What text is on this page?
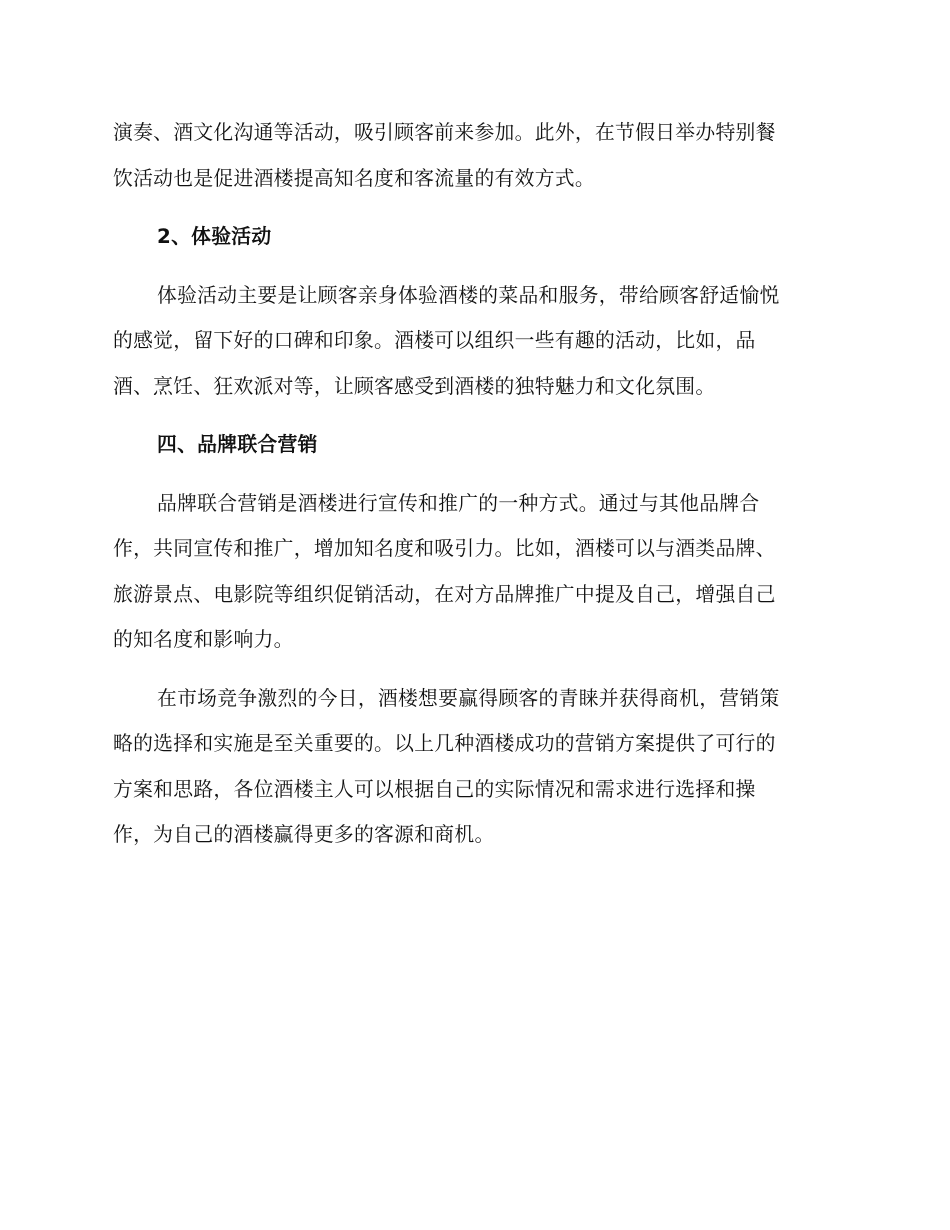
演奏、酒文化沟通等活动，吸引顾客前来参加。此外，在节假日举办特别餐
饮活动也是促进酒楼提高知名度和客流量的有效方式。
2、体验活动
体验活动主要是让顾客亲身体验酒楼的菜品和服务，带给顾客舒适愉悦
的感觉，留下好的口碑和印象。酒楼可以组织一些有趣的活动，比如，品
酒、烹饪、狂欢派对等，让顾客感受到酒楼的独特魅力和文化氛围。
四、品牌联合营销
品牌联合营销是酒楼进行宣传和推广的一种方式。通过与其他品牌合
作，共同宣传和推广，增加知名度和吸引力。比如，酒楼可以与酒类品牌、
旅游景点、电影院等组织促销活动，在对方品牌推广中提及自己，增强自己
的知名度和影响力。
在市场竞争激烈的今日，酒楼想要赢得顾客的青睐并获得商机，营销策
略的选择和实施是至关重要的。以上几种酒楼成功的营销方案提供了可行的
方案和思路，各位酒楼主人可以根据自己的实际情况和需求进行选择和操
作，为自己的酒楼赢得更多的客源和商机。
